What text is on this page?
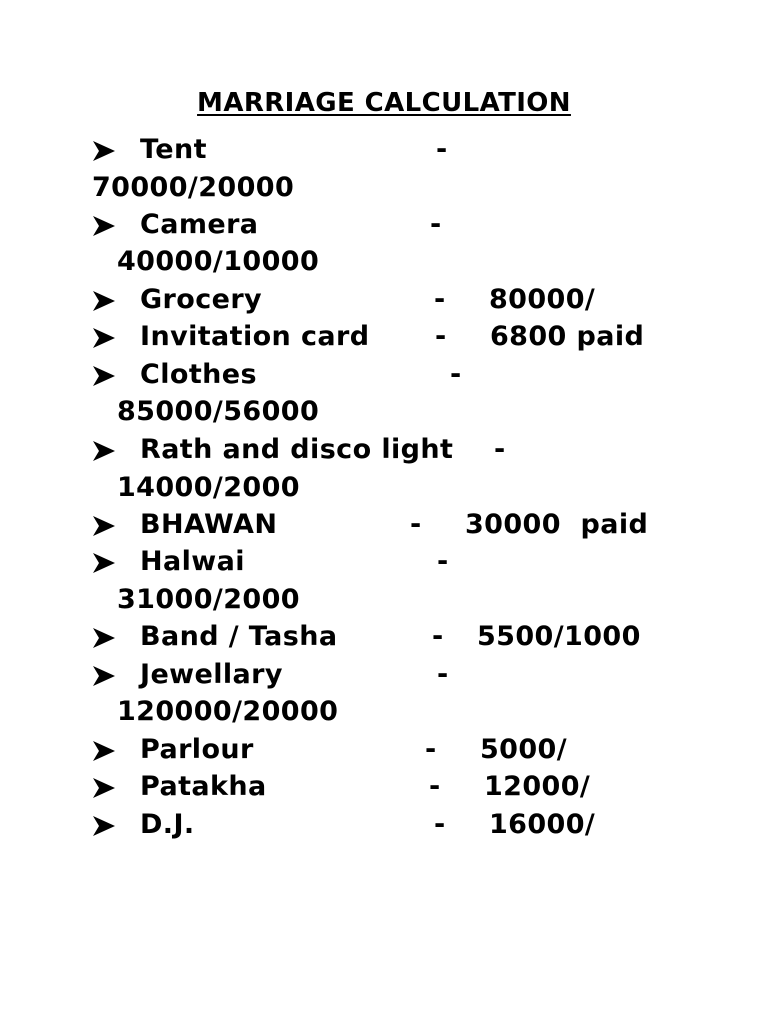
MARRIAGE CALCULATION
Tent	-
70000/20000
Camera	-
40000/10000
Grocery	- 80000/
Invitation card - 6800 paid
Clothes	-
85000/56000
Rath and disco light -
14000/2000
BHAWAN	- 30000  paid
Halwai	-
31000/2000
Band / Tasha	- 5500/1000
Jewellary	-
120000/20000
Parlour	- 5000/
Patakha	- 12000/
D.J.	- 16000/
